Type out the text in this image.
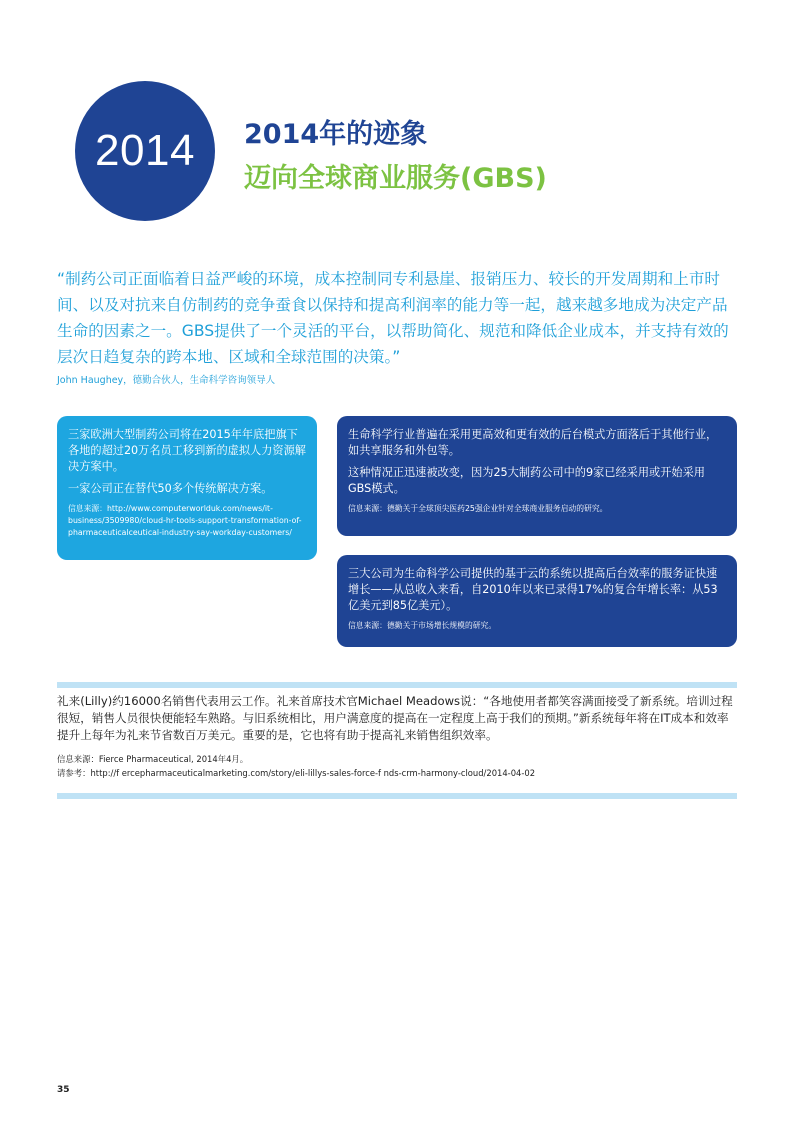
2014 2014年的迹象
迈向全球商业服务(GBS)
“制药公司正面临着日益严峻的环境，成本控制同专利悬崖、报销压力、较长的开发周期和上市时间、以及对抗来自仿制药的竞争蚕食以保持和提高利润率的能力等一起，越来越多地成为决定产品生命的因素之一。GBS提供了一个灵活的平台，以帮助简化、规范和降低企业成本，并支持有效的层次日趋复杂的跨本地、区域和全球范围的决策。”
John Haughey，德勤合伙人，生命科学咨询领导人

三家欧洲大型制药公司将在2015年年底把旗下各地的超过20万名员工移到新的虚拟人力资源解决方案中。

一家公司正在替代50多个传统解决方案。

信息来源：http://www.computerworlduk.com/news/it-business/3509980/cloud-hr-tools-support-transformation-of-pharmaceuticalceutical-industry-say-workday-customers/

生命科学行业普遍在采用更高效和更有效的后台模式方面落后于其他行业，如共享服务和外包等。

这种情况正迅速被改变，因为25大制药公司中的9家已经采用或开始采用GBS模式。

信息来源：德勤关于全球顶尖医药25强企业针对全球商业服务启动的研究。

三大公司为生命科学公司提供的基于云的系统以提高后台效率的服务证快速增长——从总收入来看，自2010年以来已录得17%的复合年增长率：从53亿美元到85亿美元）。

信息来源：德勤关于市场增长规模的研究。

礼来(Lilly)约16000名销售代表用云工作。礼来首席技术官Michael Meadows说：“各地使用者都笑容满面接受了新系统。培训过程很短，销售人员很快便能轻车熟路。与旧系统相比，用户满意度的提高在一定程度上高于我们的预期。”新系统每年将在IT成本和效率提升上每年为礼来节省数百万美元。重要的是，它也将有助于提高礼来销售组织效率。
信息来源：Fierce Pharmaceutical, 2014年4月。
请参考：http://f ercepharmaceuticalmarketing.com/story/eli-lillys-sales-force-f nds-crm-harmony-cloud/2014-04-02
35
